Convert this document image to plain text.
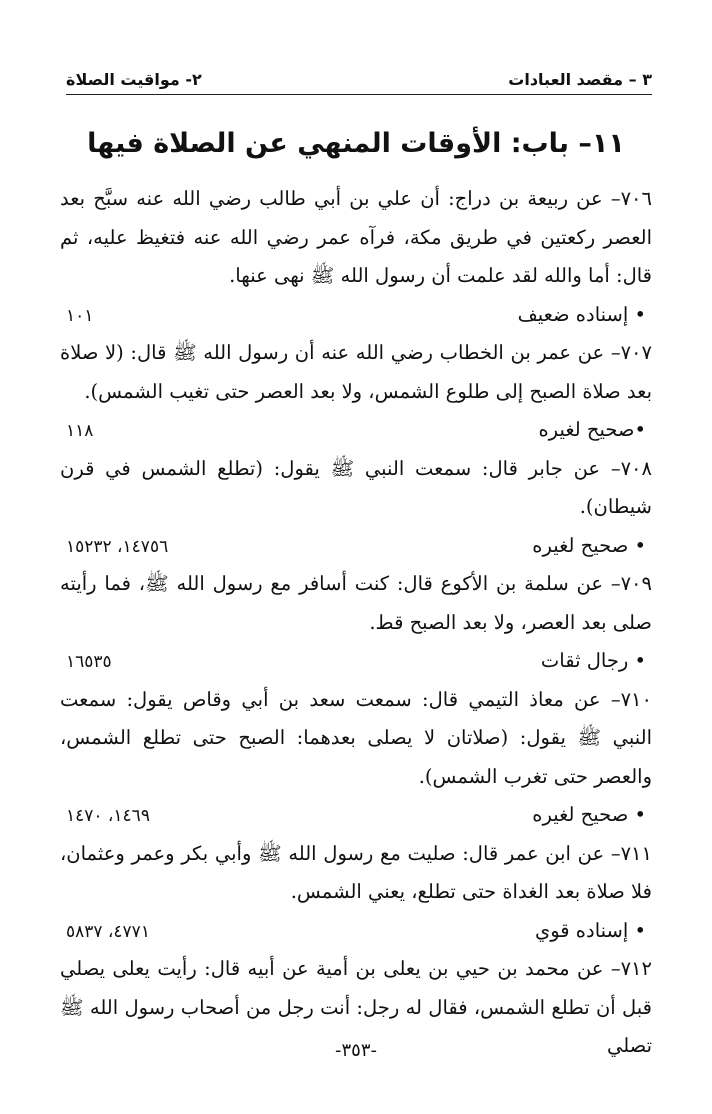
٢- مواقيت الصلاة	٣ – مقصد العبادات
١١– باب: الأوقات المنهي عن الصلاة فيها

٧٠٦– عن ربيعة بن دراج: أن علي بن أبي طالب رضي الله عنه سبَّح بعد العصر ركعتين في طريق مكة، فرآه عمر رضي الله عنه فتغيظ عليه، ثم قال: أما والله لقد علمت أن رسول الله ﷺ نهى عنها.

• إسناده ضعيف
١٠١

٧٠٧– عن عمر بن الخطاب رضي الله عنه أن رسول الله ﷺ قال: (لا صلاة بعد صلاة الصبح إلى طلوع الشمس، ولا بعد العصر حتى تغيب الشمس).

•صحيح لغيره
١١٨

٧٠٨– عن جابر قال: سمعت النبي ﷺ يقول: (تطلع الشمس في قرن شيطان).

• صحيح لغيره
١٤٧٥٦، ١٥٢٣٢

٧٠٩– عن سلمة بن الأكوع قال: كنت أسافر مع رسول الله ﷺ، فما رأيته صلى بعد العصر، ولا بعد الصبح قط.

• رجال ثقات
١٦٥٣٥

٧١٠– عن معاذ التيمي قال: سمعت سعد بن أبي وقاص يقول: سمعت النبي ﷺ يقول: (صلاتان لا يصلى بعدهما: الصبح حتى تطلع الشمس، والعصر حتى تغرب الشمس).

• صحيح لغيره
١٤٦٩، ١٤٧٠

٧١١– عن ابن عمر قال: صليت مع رسول الله ﷺ وأبي بكر وعمر وعثمان، فلا صلاة بعد الغداة حتى تطلع، يعني الشمس.

• إسناده قوي
٤٧٧١، ٥٨٣٧

٧١٢– عن محمد بن حيي بن يعلى بن أمية عن أبيه قال: رأيت يعلى يصلي قبل أن تطلع الشمس، فقال له رجل: أنت رجل من أصحاب رسول الله ﷺ تصلي

-٣٥٣-
